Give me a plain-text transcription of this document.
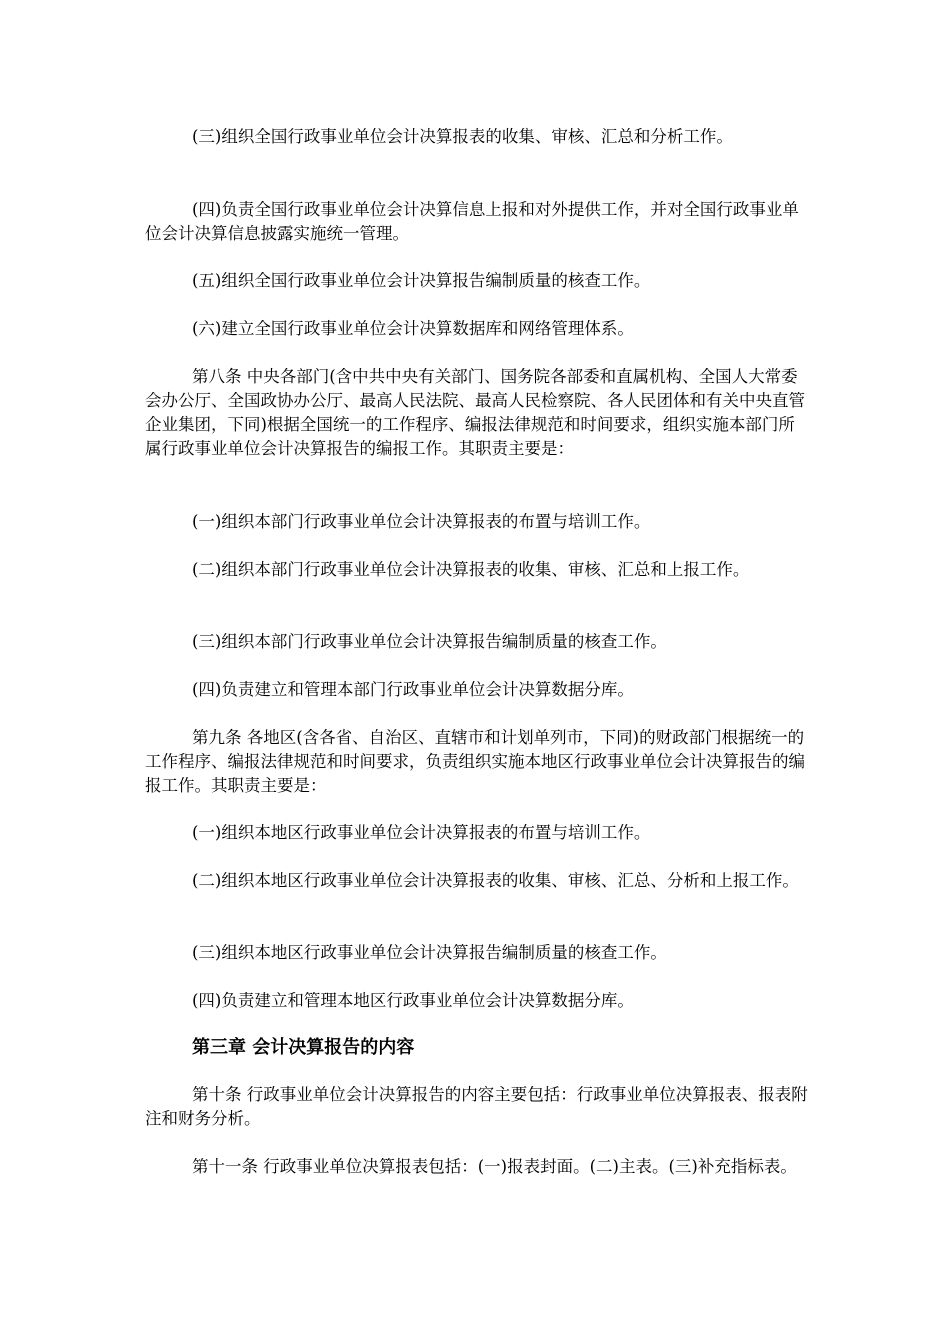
(三)组织全国行政事业单位会计决算报表的收集、审核、汇总和分析工作。

(四)负责全国行政事业单位会计决算信息上报和对外提供工作，并对全国行政事业单位会计决算信息披露实施统一管理。

(五)组织全国行政事业单位会计决算报告编制质量的核查工作。

(六)建立全国行政事业单位会计决算数据库和网络管理体系。

第八条 中央各部门(含中共中央有关部门、国务院各部委和直属机构、全国人大常委会办公厅、全国政协办公厅、最高人民法院、最高人民检察院、各人民团体和有关中央直管企业集团，下同)根据全国统一的工作程序、编报法律规范和时间要求，组织实施本部门所属行政事业单位会计决算报告的编报工作。其职责主要是：

(一)组织本部门行政事业单位会计决算报表的布置与培训工作。

(二)组织本部门行政事业单位会计决算报表的收集、审核、汇总和上报工作。

(三)组织本部门行政事业单位会计决算报告编制质量的核查工作。

(四)负责建立和管理本部门行政事业单位会计决算数据分库。

第九条 各地区(含各省、自治区、直辖市和计划单列市，下同)的财政部门根据统一的工作程序、编报法律规范和时间要求，负责组织实施本地区行政事业单位会计决算报告的编报工作。其职责主要是：

(一)组织本地区行政事业单位会计决算报表的布置与培训工作。

(二)组织本地区行政事业单位会计决算报表的收集、审核、汇总、分析和上报工作。

(三)组织本地区行政事业单位会计决算报告编制质量的核查工作。

(四)负责建立和管理本地区行政事业单位会计决算数据分库。

第三章 会计决算报告的内容

第十条 行政事业单位会计决算报告的内容主要包括：行政事业单位决算报表、报表附注和财务分析。

第十一条 行政事业单位决算报表包括：(一)报表封面。(二)主表。(三)补充指标表。
